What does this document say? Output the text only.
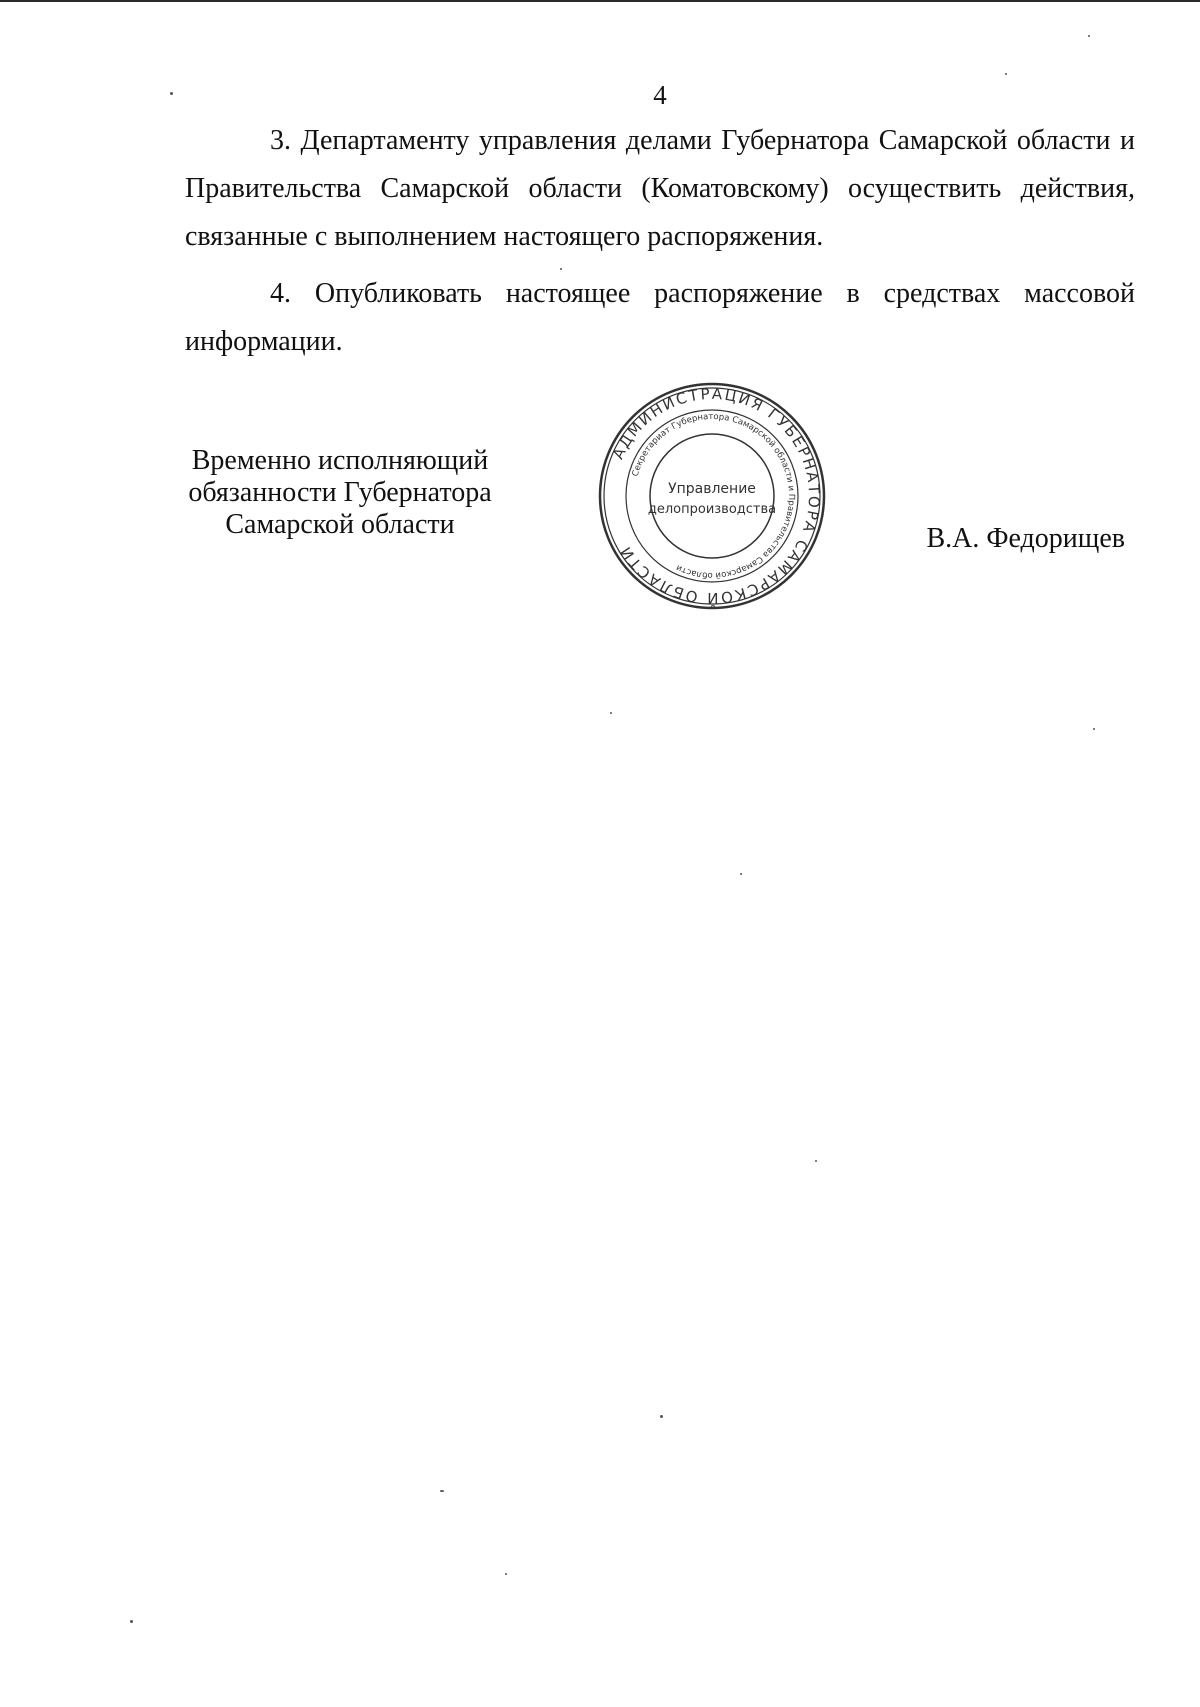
4

3. Департаменту управления делами Губернатора Самарской области и Правительства Самарской области (Коматовскому) осуществить действия, связанные с выполнением настоящего распоряжения.

4. Опубликовать настоящее распоряжение в средствах массовой информации.

Временно исполняющий
обязанности Губернатора
Самарской области
АДМИНИСТРАЦИЯ ГУБЕРНАТОРА САМАРСКОЙ ОБЛАСТИ
Секретариат Губернатора Самарской области и Правительства Самарской области
Управление
делопроизводства
В.А. Федорищев
